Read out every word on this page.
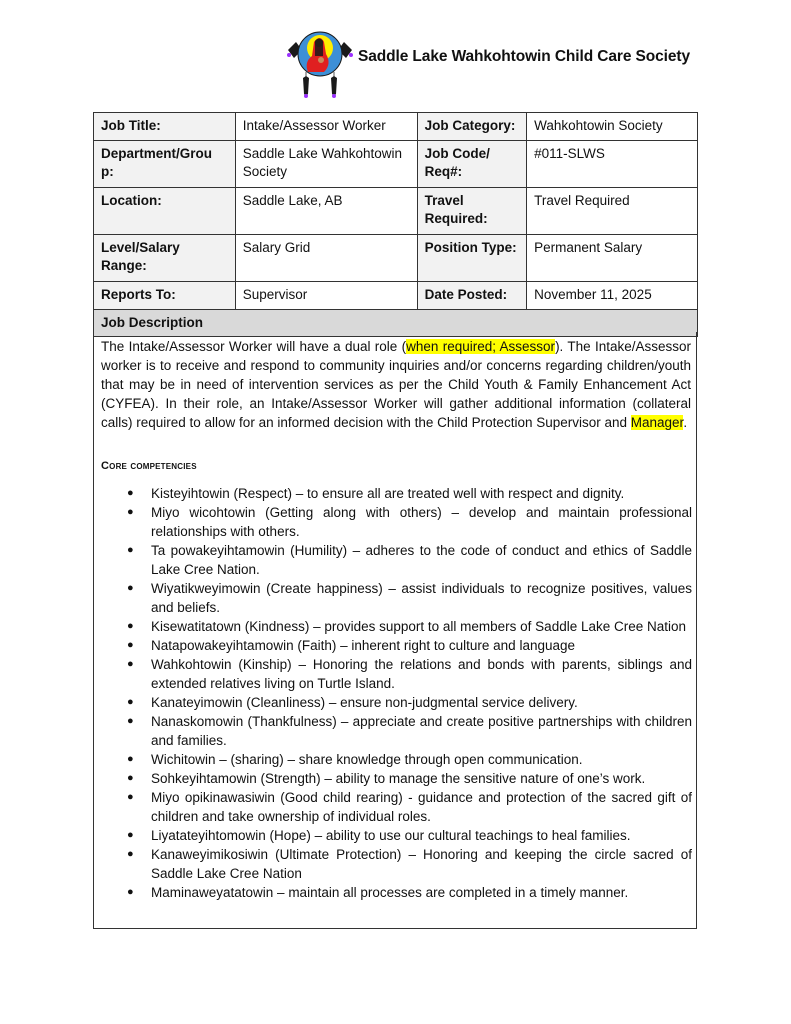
Saddle Lake Wahkohtowin Child Care Society
Job Title:	Intake/Assessor Worker	Job Category:	Wahkohtowin Society
Department/Grou p:	Saddle Lake Wahkohtowin Society	Job Code/ Req#:	#011-SLWS
Location:	Saddle Lake, AB	Travel Required:	Travel Required
Level/Salary Range:	Salary Grid	Position Type:	Permanent Salary
Reports To:	Supervisor	Date Posted:	November 11, 2025
Job Description			

The Intake/Assessor Worker will have a dual role (when required; Assessor). The Intake/Assessor worker is to receive and respond to community inquiries and/or concerns regarding children/youth that may be in need of intervention services as per the Child Youth & Family Enhancement Act (CYFEA). In their role, an Intake/Assessor Worker will gather additional information (collateral calls) required to allow for an informed decision with the Child Protection Supervisor and Manager.

Core competencies
● Kisteyihtowin (Respect) – to ensure all are treated well with respect and dignity.
● Miyo wicohtowin (Getting along with others) – develop and maintain professional relationships with others.
● Ta powakeyihtamowin (Humility) – adheres to the code of conduct and ethics of Saddle Lake Cree Nation.
● Wiyatikweyimowin (Create happiness) – assist individuals to recognize positives, values and beliefs.
● Kisewatitatown (Kindness) – provides support to all members of Saddle Lake Cree Nation
● Natapowakeyihtamowin (Faith) – inherent right to culture and language
● Wahkohtowin (Kinship) – Honoring the relations and bonds with parents, siblings and extended relatives living on Turtle Island.
● Kanateyimowin (Cleanliness) – ensure non-judgmental service delivery.
● Nanaskomowin (Thankfulness) – appreciate and create positive partnerships with children and families.
● Wichitowin – (sharing) – share knowledge through open communication.
● Sohkeyihtamowin (Strength) – ability to manage the sensitive nature of one’s work.
● Miyo opikinawasiwin (Good child rearing) - guidance and protection of the sacred gift of children and take ownership of individual roles.
● Liyatateyihtomowin (Hope) – ability to use our cultural teachings to heal families.
● Kanaweyimikosiwin (Ultimate Protection) – Honoring and keeping the circle sacred of Saddle Lake Cree Nation
● Maminaweyatatowin – maintain all processes are completed in a timely manner.
